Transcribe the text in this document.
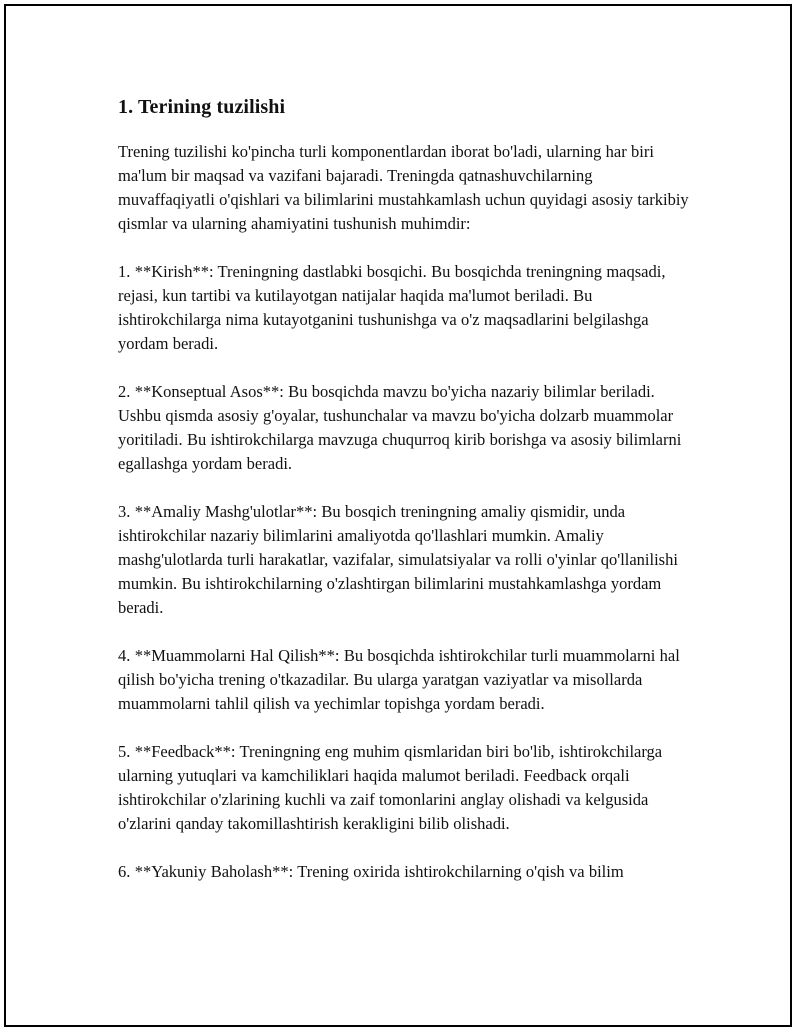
1. Terining tuzilishi

Trening tuzilishi ko'pincha turli komponentlardan iborat bo'ladi, ularning har biri ma'lum bir maqsad va vazifani bajaradi. Treningda qatnashuvchilarning muvaffaqiyatli o'qishlari va bilimlarini mustahkamlash uchun quyidagi asosiy tarkibiy qismlar va ularning ahamiyatini tushunish muhimdir:

1. **Kirish**: Treningning dastlabki bosqichi. Bu bosqichda treningning maqsadi, rejasi, kun tartibi va kutilayotgan natijalar haqida ma'lumot beriladi. Bu ishtirokchilarga nima kutayotganini tushunishga va o'z maqsadlarini belgilashga yordam beradi.

2. **Konseptual Asos**: Bu bosqichda mavzu bo'yicha nazariy bilimlar beriladi. Ushbu qismda asosiy g'oyalar, tushunchalar va mavzu bo'yicha dolzarb muammolar yoritiladi. Bu ishtirokchilarga mavzuga chuqurroq kirib borishga va asosiy bilimlarni egallashga yordam beradi.

3. **Amaliy Mashg'ulotlar**: Bu bosqich treningning amaliy qismidir, unda ishtirokchilar nazariy bilimlarini amaliyotda qo'llashlari mumkin. Amaliy mashg'ulotlarda turli harakatlar, vazifalar, simulatsiyalar va rolli o'yinlar qo'llanilishi mumkin. Bu ishtirokchilarning o'zlashtirgan bilimlarini mustahkamlashga yordam beradi.

4. **Muammolarni Hal Qilish**: Bu bosqichda ishtirokchilar turli muammolarni hal qilish bo'yicha trening o'tkazadilar. Bu ularga yaratgan vaziyatlar va misollarda muammolarni tahlil qilish va yechimlar topishga yordam beradi.

5. **Feedback**: Treningning eng muhim qismlaridan biri bo'lib, ishtirokchilarga ularning yutuqlari va kamchiliklari haqida malumot beriladi. Feedback orqali ishtirokchilar o'zlarining kuchli va zaif tomonlarini anglay olishadi va kelgusida o'zlarini qanday takomillashtirish kerakligini bilib olishadi.

6. **Yakuniy Baholash**: Trening oxirida ishtirokchilarning o'qish va bilim
